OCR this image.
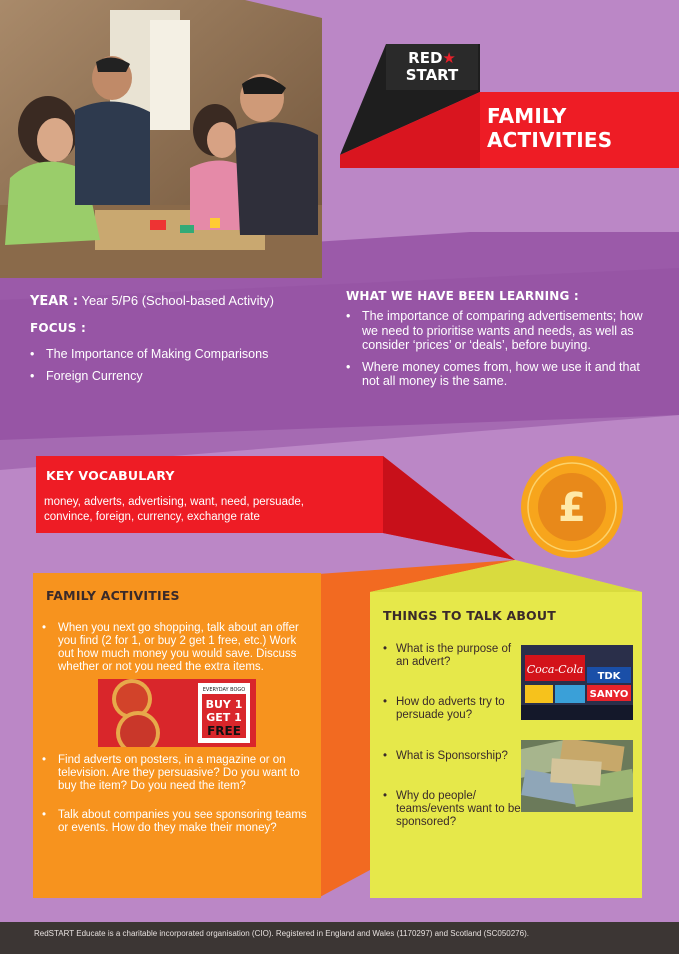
RED★
START
FAMILY
ACTIVITIES
YEAR : Year 5/P6 (School-based Activity)
FOCUS :
• The Importance of Making Comparisons
• Foreign Currency
WHAT WE HAVE BEEN LEARNING :
• The importance of comparing advertisements; how we need to prioritise wants and needs, as well as consider ‘prices’ or ‘deals’, before buying.
• Where money comes from, how we use it and that not all money is the same.
KEY VOCABULARY
money, adverts, advertising, want, need, persuade, convince, foreign, currency, exchange rate	£
FAMILY ACTIVITIES
• When you next go shopping, talk about an offer you find (2 for 1, or buy 2 get 1 free, etc.) Work out how much money you would save. Discuss whether or not you need the extra items.
• Find adverts on posters, in a magazine or on television. Are they persuasive? Do you want to buy the item? Do you need the item?
• Talk about companies you see sponsoring teams or events. How do they make their money?
EVERYDAY BOGO
BUY 1
GET 1
FREE
THINGS TO TALK ABOUT
• What is the purpose of an advert?
• How do adverts try to persuade you?
• What is Sponsorship?
• Why do people/ teams/events want to be sponsored?
Coca-Cola
TDK
SANYO
RedSTART Educate is a charitable incorporated organisation (CIO). Registered in England and Wales (1170297) and Scotland (SC050276).
